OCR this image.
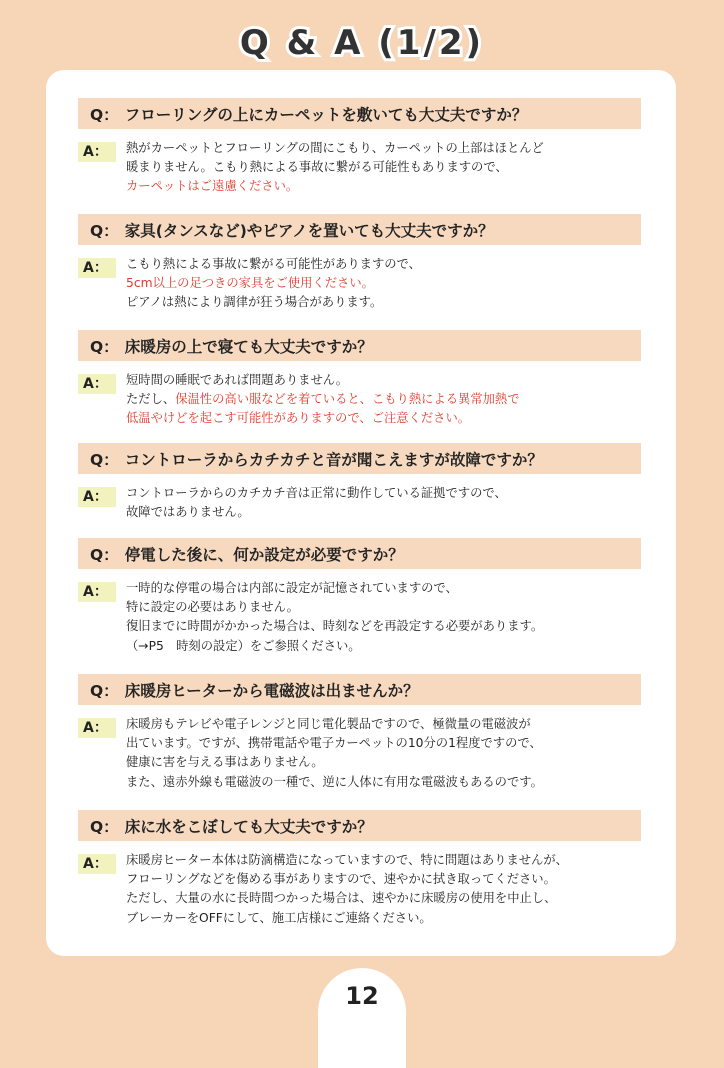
Q & A (1/2)
Q： フローリングの上にカーペットを敷いても大丈夫ですか？
A：	熱がカーペットとフローリングの間にこもり、カーペットの上部はほとんど
暖まりません。こもり熱による事故に繋がる可能性もありますので、
カーペットはご遠慮ください。
Q： 家具(タンスなど)やピアノを置いても大丈夫ですか？
A：	こもり熱による事故に繋がる可能性がありますので、
5cm以上の足つきの家具をご使用ください。
ピアノは熱により調律が狂う場合があります。
Q： 床暖房の上で寝ても大丈夫ですか？
A：	短時間の睡眠であれば問題ありません。
ただし、保温性の高い服などを着ていると、こもり熱による異常加熱で
低温やけどを起こす可能性がありますので、ご注意ください。
Q： コントローラからカチカチと音が聞こえますが故障ですか？
A：	コントローラからのカチカチ音は正常に動作している証拠ですので、
故障ではありません。
Q： 停電した後に、何か設定が必要ですか？
A：	一時的な停電の場合は内部に設定が記憶されていますので、
特に設定の必要はありません。
復旧までに時間がかかった場合は、時刻などを再設定する必要があります。
（→P5　時刻の設定）をご参照ください。
Q： 床暖房ヒーターから電磁波は出ませんか？
A：	床暖房もテレビや電子レンジと同じ電化製品ですので、極微量の電磁波が
出ています。ですが、携帯電話や電子カーペットの10分の1程度ですので、
健康に害を与える事はありません。
また、遠赤外線も電磁波の一種で、逆に人体に有用な電磁波もあるのです。
Q： 床に水をこぼしても大丈夫ですか？
A：	床暖房ヒーター本体は防滴構造になっていますので、特に問題はありませんが、
フローリングなどを傷める事がありますので、速やかに拭き取ってください。
ただし、大量の水に長時間つかった場合は、速やかに床暖房の使用を中止し、
ブレーカーをOFFにして、施工店様にご連絡ください。
12
